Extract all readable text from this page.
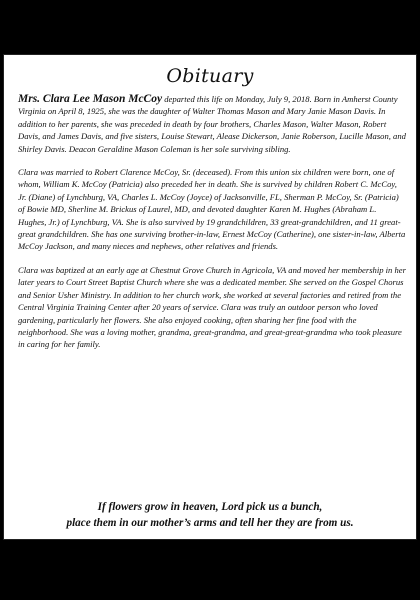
Obituary

Mrs. Clara Lee Mason McCoy departed this life on Monday, July 9, 2018. Born in Amherst County Virginia on April 8, 1925, she was the daughter of Walter Thomas Mason and Mary Janie Mason Davis. In addition to her parents, she was preceded in death by four brothers, Charles Mason, Walter Mason, Robert Davis, and James Davis, and five sisters, Louise Stewart, Alease Dickerson, Janie Roberson, Lucille Mason, and Shirley Davis. Deacon Geraldine Mason Coleman is her sole surviving sibling.

Clara was married to Robert Clarence McCoy, Sr. (deceased). From this union six children were born, one of whom, William K. McCoy (Patricia) also preceded her in death. She is survived by children Robert C. McCoy, Jr. (Diane) of Lynchburg, VA, Charles L. McCoy (Joyce) of Jacksonville, FL, Sherman P. McCoy, Sr. (Patricia) of Bowie MD, Sherline M. Brickus of Laurel, MD, and devoted daughter Karen M. Hughes (Abraham L. Hughes, Jr.) of Lynchburg, VA. She is also survived by 19 grandchildren, 33 great-grandchildren, and 11 great-great grandchildren. She has one surviving brother-in-law, Ernest McCoy (Catherine), one sister-in-law, Alberta McCoy Jackson, and many nieces and nephews, other relatives and friends.

Clara was baptized at an early age at Chestnut Grove Church in Agricola, VA and moved her membership in her later years to Court Street Baptist Church where she was a dedicated member. She served on the Gospel Chorus and Senior Usher Ministry. In addition to her church work, she worked at several factories and retired from the Central Virginia Training Center after 20 years of service. Clara was truly an outdoor person who loved gardening, particularly her flowers. She also enjoyed cooking, often sharing her fine food with the neighborhood. She was a loving mother, grandma, great-grandma, and great-great-grandma who took pleasure in caring for her family.

If flowers grow in heaven, Lord pick us a bunch,
place them in our mother’s arms and tell her they are from us.
